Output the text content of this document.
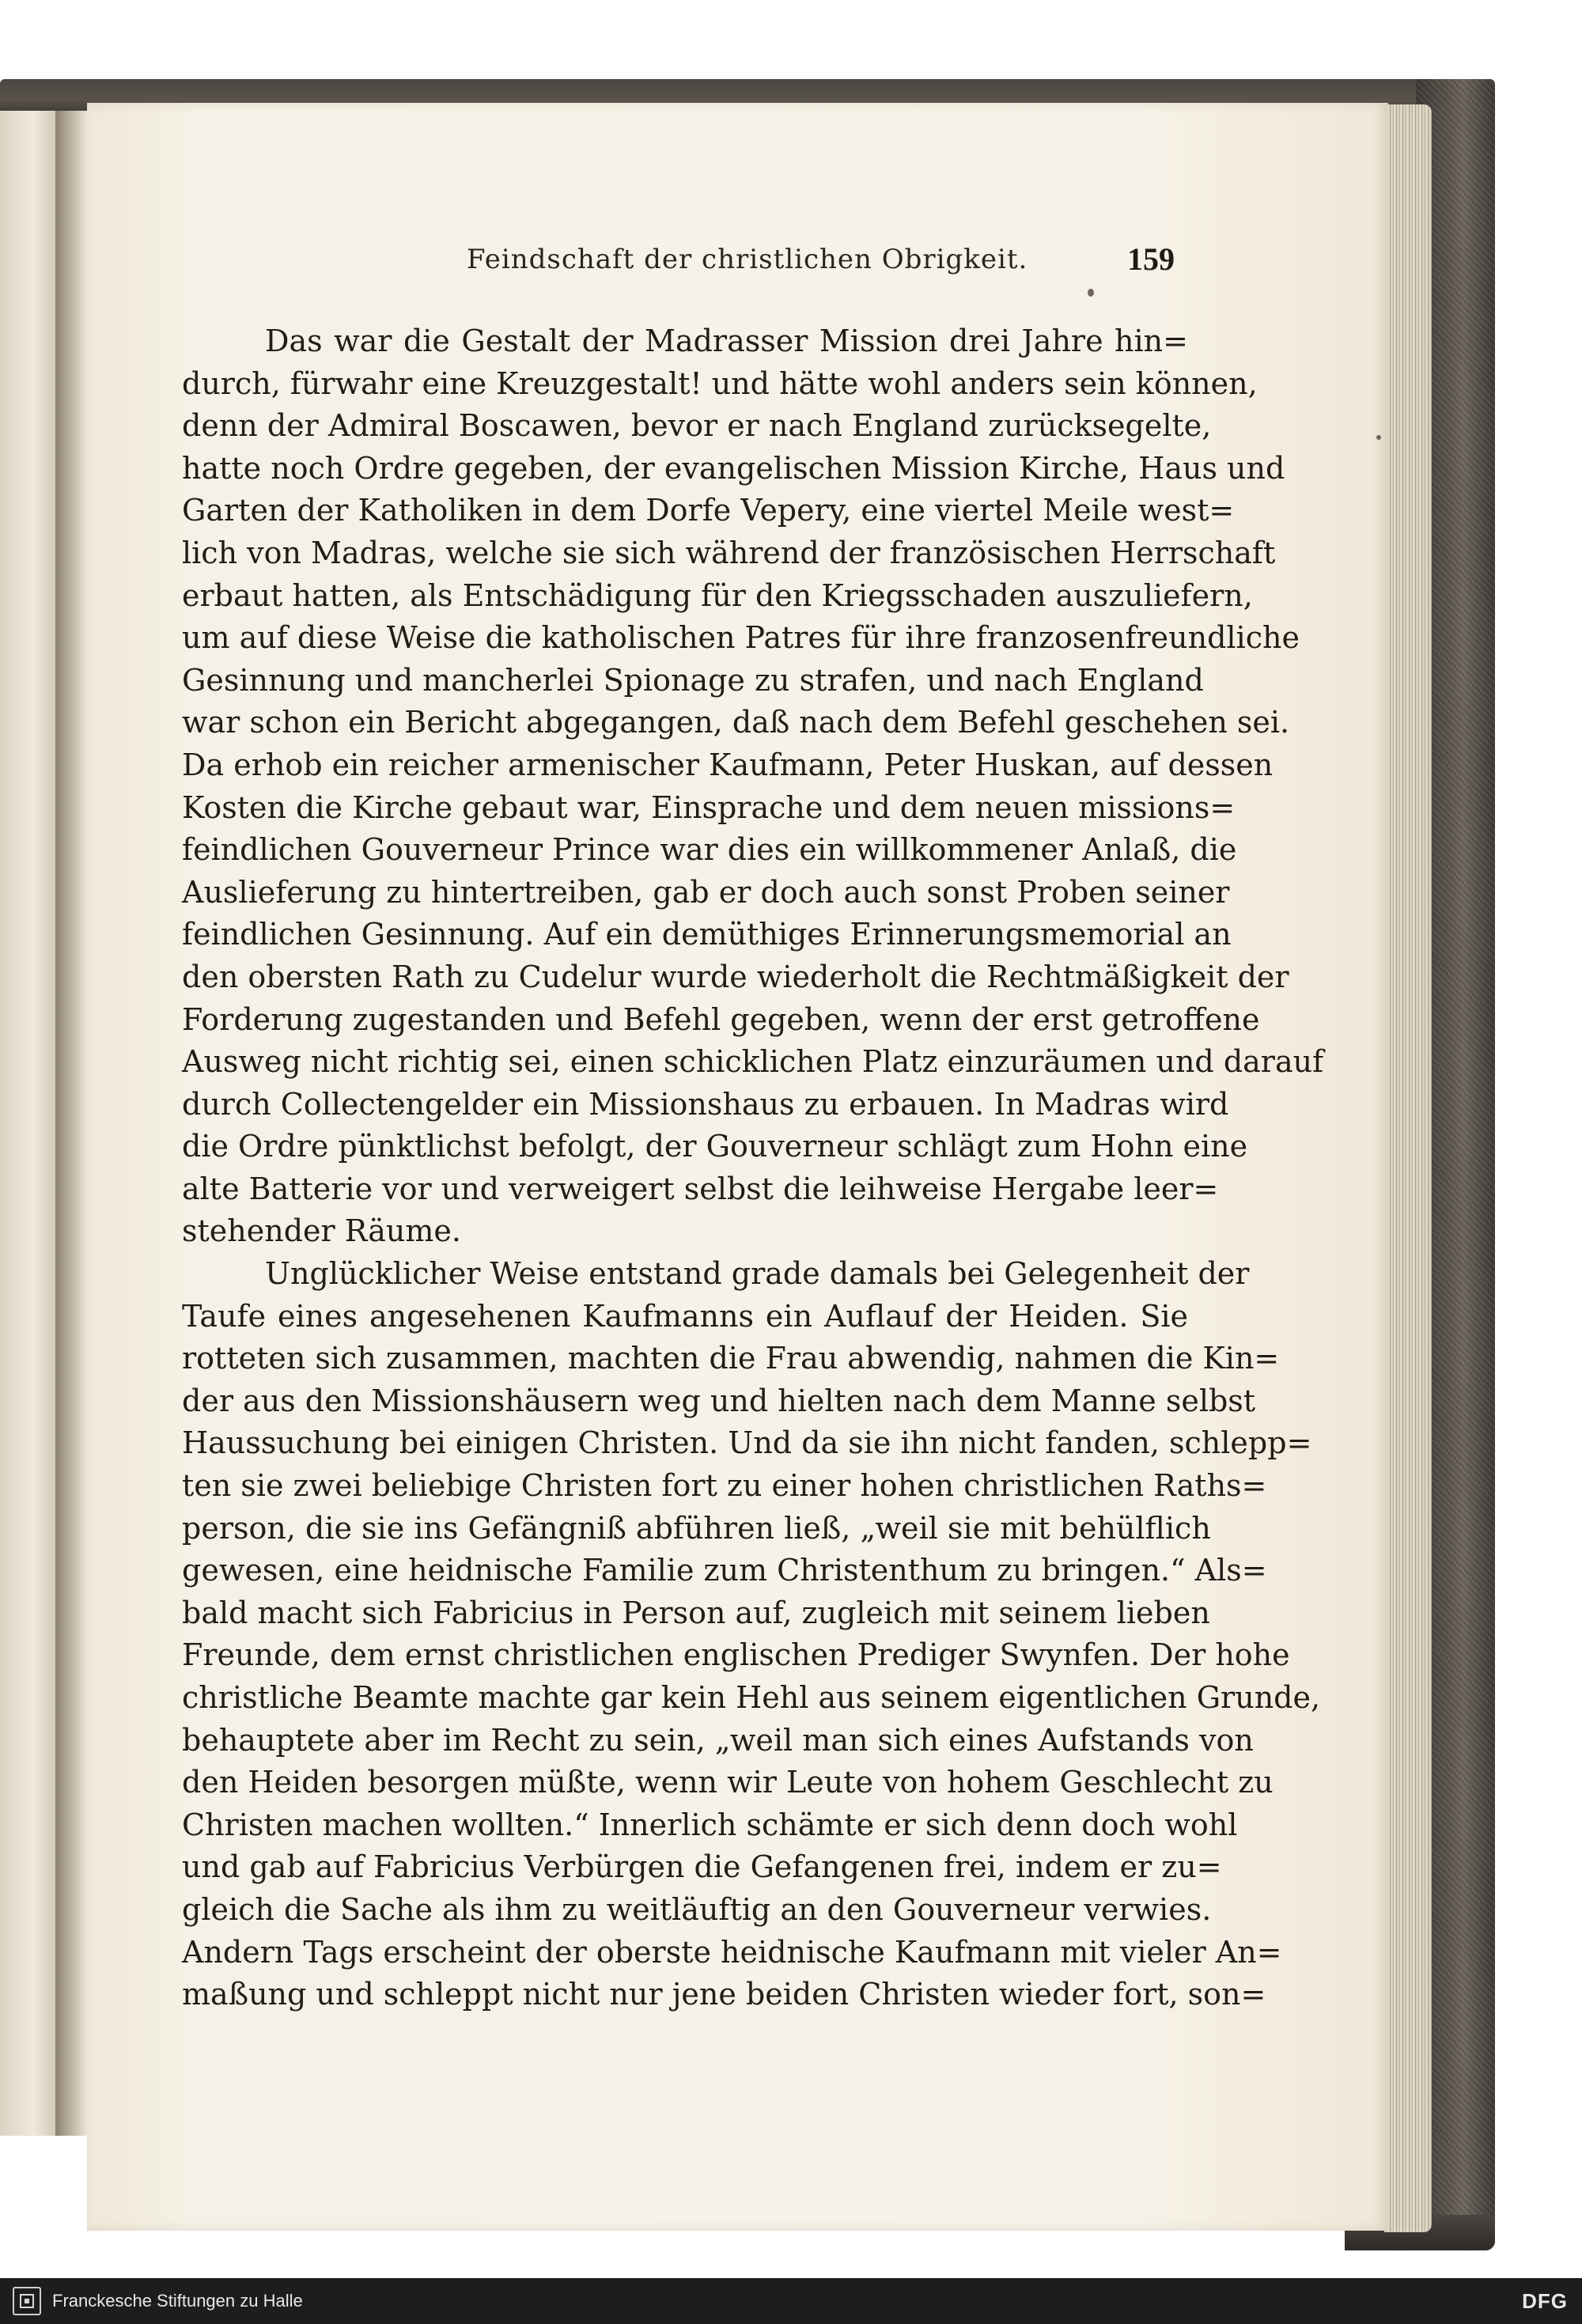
Feindschaft der christlichen Obrigkeit.	159
Das war die Gestalt der Madrasser Mission drei Jahre hin=
durch, fürwahr eine Kreuzgestalt! und hätte wohl anders sein können,
denn der Admiral Boscawen, bevor er nach England zurücksegelte,
hatte noch Ordre gegeben, der evangelischen Mission Kirche, Haus und
Garten der Katholiken in dem Dorfe Vepery, eine viertel Meile west=
lich von Madras, welche sie sich während der französischen Herrschaft
erbaut hatten, als Entschädigung für den Kriegsschaden auszuliefern,
um auf diese Weise die katholischen Patres für ihre franzosenfreundliche
Gesinnung und mancherlei Spionage zu strafen, und nach England
war schon ein Bericht abgegangen, daß nach dem Befehl geschehen sei.
Da erhob ein reicher armenischer Kaufmann, Peter Huskan, auf dessen
Kosten die Kirche gebaut war, Einsprache und dem neuen missions=
feindlichen Gouverneur Prince war dies ein willkommener Anlaß, die
Auslieferung zu hintertreiben, gab er doch auch sonst Proben seiner
feindlichen Gesinnung. Auf ein demüthiges Erinnerungsmemorial an
den obersten Rath zu Cudelur wurde wiederholt die Rechtmäßigkeit der
Forderung zugestanden und Befehl gegeben, wenn der erst getroffene
Ausweg nicht richtig sei, einen schicklichen Platz einzuräumen und darauf
durch Collectengelder ein Missionshaus zu erbauen. In Madras wird
die Ordre pünktlichst befolgt, der Gouverneur schlägt zum Hohn eine
alte Batterie vor und verweigert selbst die leihweise Hergabe leer=
stehender Räume.
Unglücklicher Weise entstand grade damals bei Gelegenheit der
Taufe eines angesehenen Kaufmanns ein Auflauf der Heiden. Sie
rotteten sich zusammen, machten die Frau abwendig, nahmen die Kin=
der aus den Missionshäusern weg und hielten nach dem Manne selbst
Haussuchung bei einigen Christen. Und da sie ihn nicht fanden, schlepp=
ten sie zwei beliebige Christen fort zu einer hohen christlichen Raths=
person, die sie ins Gefängniß abführen ließ, „weil sie mit behülflich
gewesen, eine heidnische Familie zum Christenthum zu bringen.“ Als=
bald macht sich Fabricius in Person auf, zugleich mit seinem lieben
Freunde, dem ernst christlichen englischen Prediger Swynfen. Der hohe
christliche Beamte machte gar kein Hehl aus seinem eigentlichen Grunde,
behauptete aber im Recht zu sein, „weil man sich eines Aufstands von
den Heiden besorgen müßte, wenn wir Leute von hohem Geschlecht zu
Christen machen wollten.“ Innerlich schämte er sich denn doch wohl
und gab auf Fabricius Verbürgen die Gefangenen frei, indem er zu=
gleich die Sache als ihm zu weitläuftig an den Gouverneur verwies.
Andern Tags erscheint der oberste heidnische Kaufmann mit vieler An=
maßung und schleppt nicht nur jene beiden Christen wieder fort, son=
Franckesche Stiftungen zu Halle	DFG
